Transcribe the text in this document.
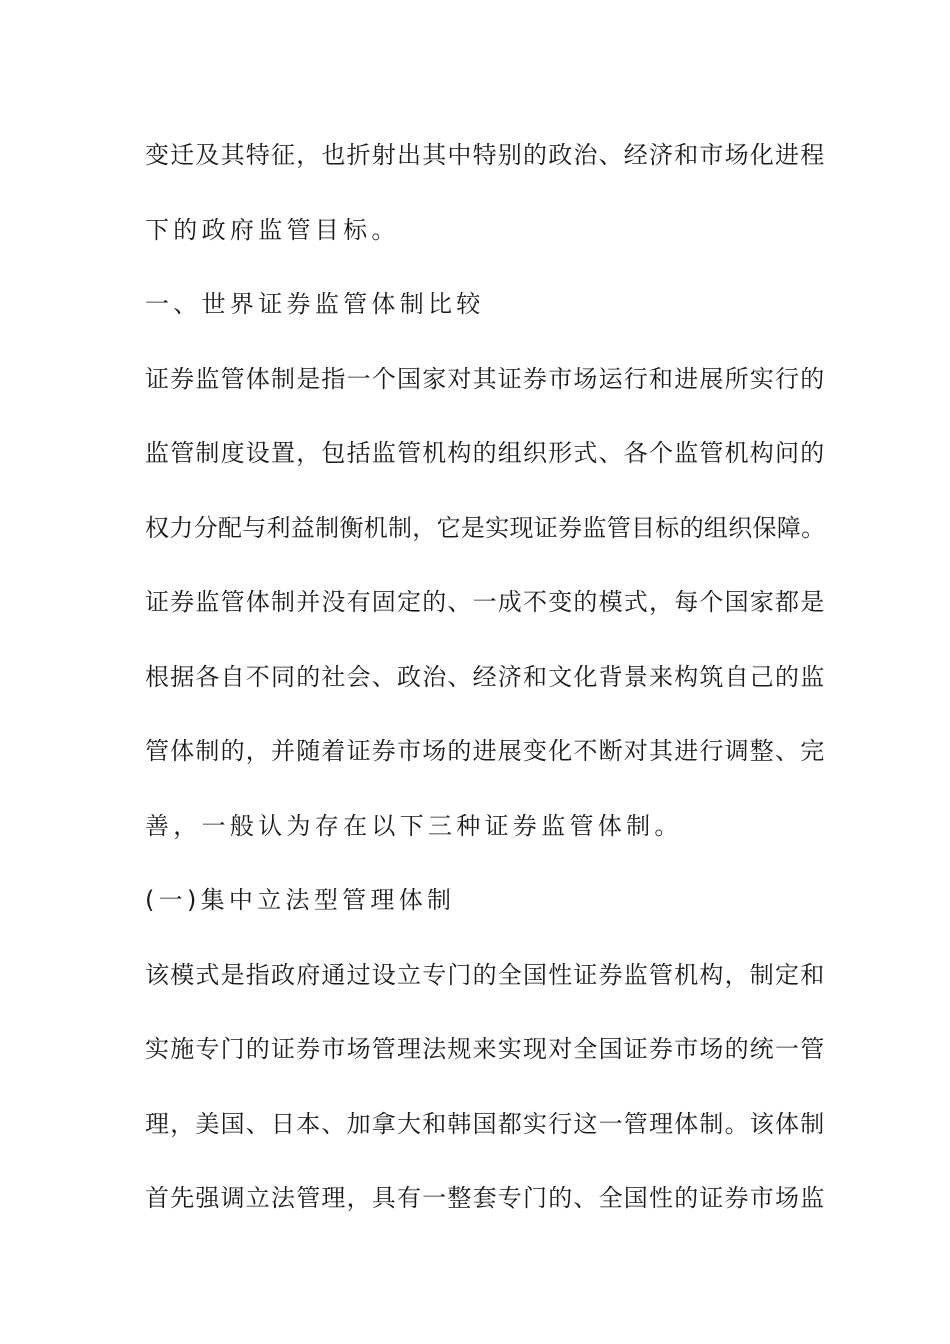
变迁及其特征，也折射出其中特别的政治、经济和市场化进程
下的政府监管目标。
一、世界证券监管体制比较
证券监管体制是指一个国家对其证券市场运行和进展所实行的
监管制度设置，包括监管机构的组织形式、各个监管机构问的
权力分配与利益制衡机制，它是实现证券监管目标的组织保障。
证券监管体制并没有固定的、一成不变的模式，每个国家都是
根据各自不同的社会、政治、经济和文化背景来构筑自己的监
管体制的，并随着证券市场的进展变化不断对其进行调整、完
善，一般认为存在以下三种证券监管体制。
(一)集中立法型管理体制
该模式是指政府通过设立专门的全国性证券监管机构，制定和
实施专门的证券市场管理法规来实现对全国证券市场的统一管
理，美国、日本、加拿大和韩国都实行这一管理体制。该体制
首先强调立法管理，具有一整套专门的、全国性的证券市场监
